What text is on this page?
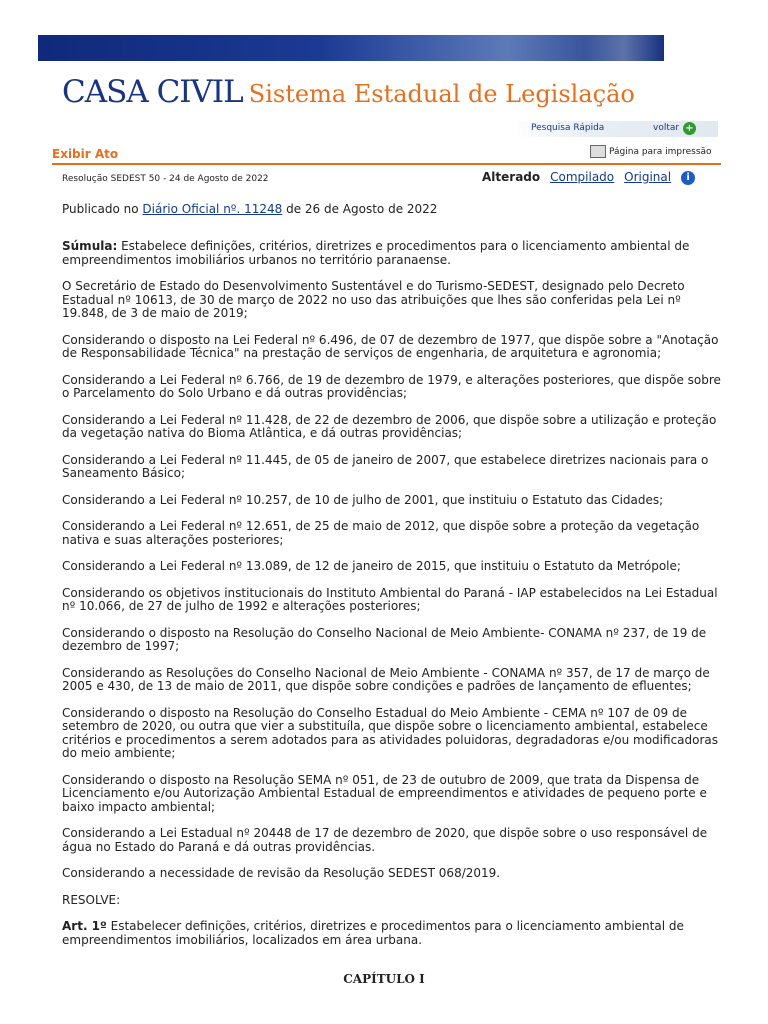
CASA CIVIL Sistema Estadual de Legislação
Pesquisa Rápida	voltar +
Exibir Ato	Página para impressão
Resolução SEDEST 50 - 24 de Agosto de 2022	Alterado Compilado Original i
Publicado no Diário Oficial nº. 11248 de 26 de Agosto de 2022

Súmula: Estabelece definições, critérios, diretrizes e procedimentos para o licenciamento ambiental de empreendimentos imobiliários urbanos no território paranaense.

O Secretário de Estado do Desenvolvimento Sustentável e do Turismo-SEDEST, designado pelo Decreto Estadual nº 10613, de 30 de março de 2022 no uso das atribuições que lhes são conferidas pela Lei nº 19.848, de 3 de maio de 2019;

Considerando o disposto na Lei Federal nº 6.496, de 07 de dezembro de 1977, que dispõe sobre a "Anotação de Responsabilidade Técnica" na prestação de serviços de engenharia, de arquitetura e agronomia;

Considerando a Lei Federal nº 6.766, de 19 de dezembro de 1979, e alterações posteriores, que dispõe sobre o Parcelamento do Solo Urbano e dá outras providências;

Considerando a Lei Federal nº 11.428, de 22 de dezembro de 2006, que dispõe sobre a utilização e proteção da vegetação nativa do Bioma Atlântica, e dá outras providências;

Considerando a Lei Federal nº 11.445, de 05 de janeiro de 2007, que estabelece diretrizes nacionais para o Saneamento Básico;

Considerando a Lei Federal nº 10.257, de 10 de julho de 2001, que instituiu o Estatuto das Cidades;

Considerando a Lei Federal nº 12.651, de 25 de maio de 2012, que dispõe sobre a proteção da vegetação nativa e suas alterações posteriores;

Considerando a Lei Federal nº 13.089, de 12 de janeiro de 2015, que instituiu o Estatuto da Metrópole;

Considerando os objetivos institucionais do Instituto Ambiental do Paraná - IAP estabelecidos na Lei Estadual nº 10.066, de 27 de julho de 1992 e alterações posteriores;

Considerando o disposto na Resolução do Conselho Nacional de Meio Ambiente- CONAMA nº 237, de 19 de dezembro de 1997;

Considerando as Resoluções do Conselho Nacional de Meio Ambiente - CONAMA nº 357, de 17 de março de 2005 e 430, de 13 de maio de 2011, que dispõe sobre condições e padrões de lançamento de efluentes;

Considerando o disposto na Resolução do Conselho Estadual do Meio Ambiente - CEMA nº 107 de 09 de setembro de 2020, ou outra que vier a substituíla, que dispõe sobre o licenciamento ambiental, estabelece critérios e procedimentos a serem adotados para as atividades poluidoras, degradadoras e/ou modificadoras do meio ambiente;

Considerando o disposto na Resolução SEMA nº 051, de 23 de outubro de 2009, que trata da Dispensa de Licenciamento e/ou Autorização Ambiental Estadual de empreendimentos e atividades de pequeno porte e baixo impacto ambiental;

Considerando a Lei Estadual nº 20448 de 17 de dezembro de 2020, que dispõe sobre o uso responsável de água no Estado do Paraná e dá outras providências.

Considerando a necessidade de revisão da Resolução SEDEST 068/2019.

RESOLVE:

Art. 1º Estabelecer definições, critérios, diretrizes e procedimentos para o licenciamento ambiental de empreendimentos imobiliários, localizados em área urbana.

CAPÍTULO I
